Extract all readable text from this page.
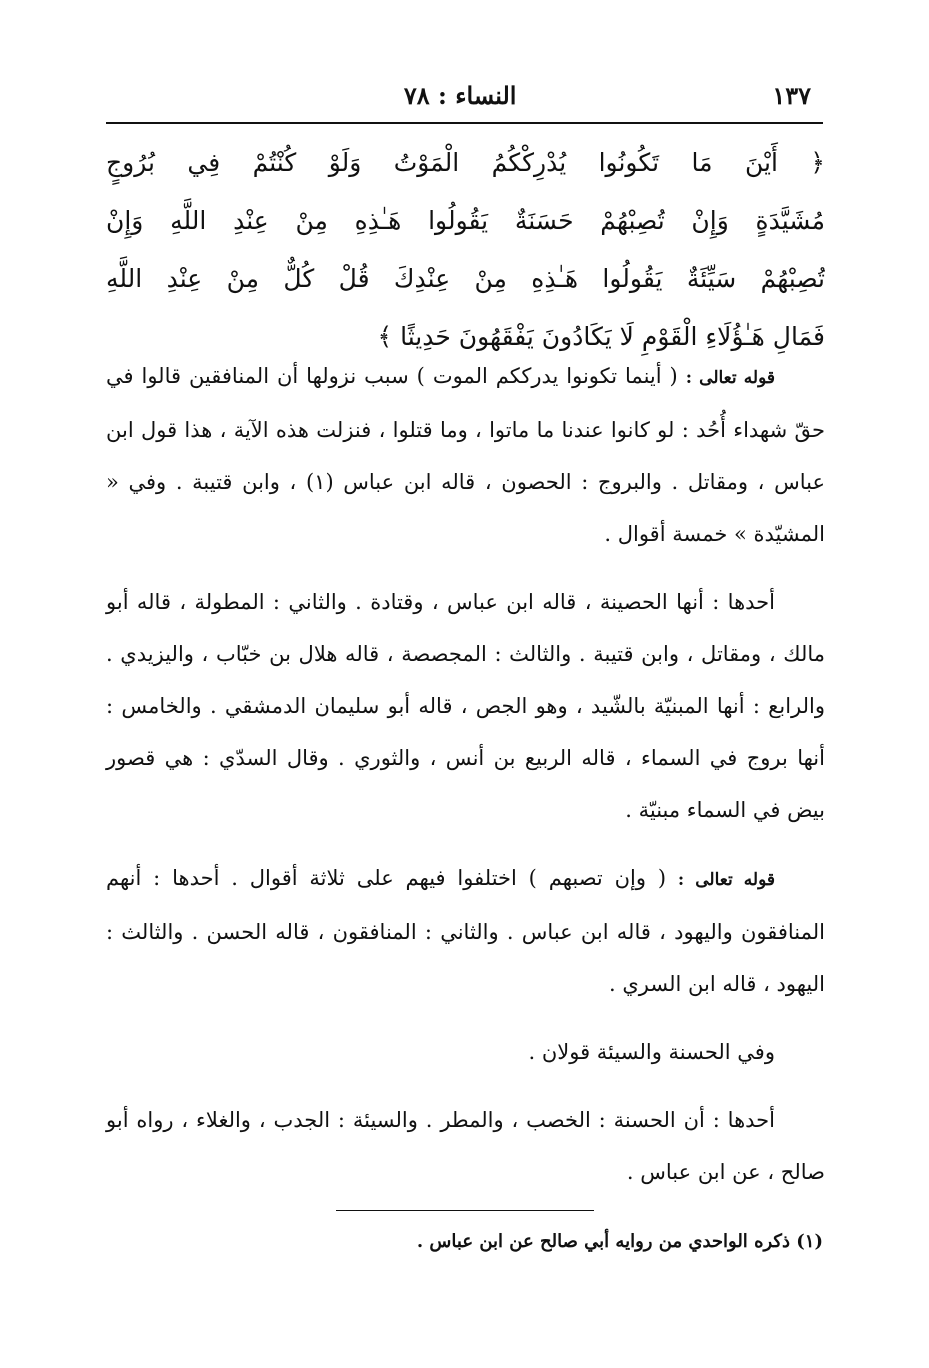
١٣٧
النساء : ٧٨
﴿ أَيْنَ مَا تَكُونُوا يُدْرِكْكُمُ الْمَوْتُ وَلَوْ كُنْتُمْ فِي بُرُوجٍ
مُشَيَّدَةٍ وَإِنْ تُصِبْهُمْ حَسَنَةٌ يَقُولُوا هَـٰذِهِ مِنْ عِنْدِ اللَّهِ وَإِنْ
تُصِبْهُمْ سَيِّئَةٌ يَقُولُوا هَـٰذِهِ مِنْ عِنْدِكَ قُلْ كُلٌّ مِنْ عِنْدِ اللَّهِ
فَمَالِ هَـٰؤُلَاءِ الْقَوْمِ لَا يَكَادُونَ يَفْقَهُونَ حَدِيثًا ﴾

قوله تعالى : ( أينما تكونوا يدرككم الموت ) سبب نزولها أن المنافقين قالوا في حقّ شهداء أُحُد : لو كانوا عندنا ما ماتوا ، وما قتلوا ، فنزلت هذه الآية ، هذا قول ابن عباس ، ومقاتل . والبروج : الحصون ، قاله ابن عباس (١) ، وابن قتيبة . وفي « المشيّدة » خمسة أقوال .

أحدها : أنها الحصينة ، قاله ابن عباس ، وقتادة . والثاني : المطولة ، قاله أبو مالك ، ومقاتل ، وابن قتيبة . والثالث : المجصصة ، قاله هلال بن خبّاب ، واليزيدي . والرابع : أنها المبنيّة بالشّيد ، وهو الجص ، قاله أبو سليمان الدمشقي . والخامس : أنها بروج في السماء ، قاله الربيع بن أنس ، والثوري . وقال السدّي : هي قصور بيض في السماء مبنيّة .

قوله تعالى : ( وإن تصبهم ) اختلفوا فيهم على ثلاثة أقوال . أحدها : أنهم المنافقون واليهود ، قاله ابن عباس . والثاني : المنافقون ، قاله الحسن . والثالث : اليهود ، قاله ابن السري .

وفي الحسنة والسيئة قولان .

أحدها : أن الحسنة : الخصب ، والمطر . والسيئة : الجدب ، والغلاء ، رواه أبو صالح ، عن ابن عباس .

(١) ذكره الواحدي من روايه أبي صالح عن ابن عباس .
